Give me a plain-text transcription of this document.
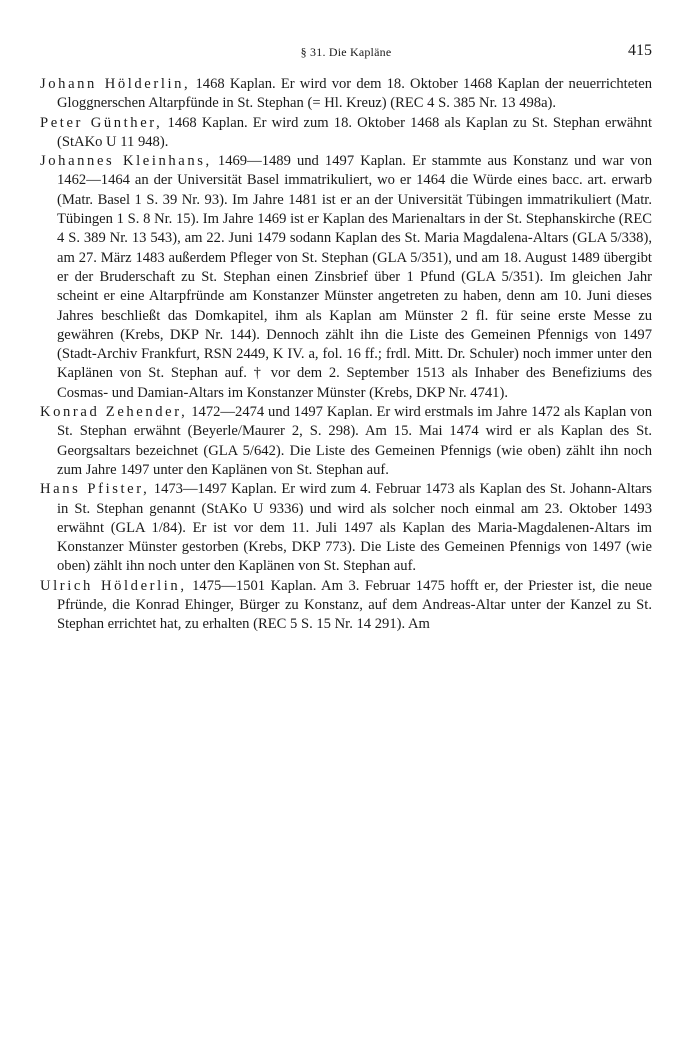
§ 31. Die Kapläne	415

Johann Hölderlin, 1468 Kaplan. Er wird vor dem 18. Oktober 1468 Kaplan der neuerrichteten Gloggnerschen Altarpfünde in St. Stephan (= Hl. Kreuz) (REC 4 S. 385 Nr. 13 498a).

Peter Günther, 1468 Kaplan. Er wird zum 18. Oktober 1468 als Kaplan zu St. Stephan erwähnt (StAKo U 11 948).

Johannes Kleinhans, 1469—1489 und 1497 Kaplan. Er stammte aus Konstanz und war von 1462—1464 an der Universität Basel immatrikuliert, wo er 1464 die Würde eines bacc. art. erwarb (Matr. Basel 1 S. 39 Nr. 93). Im Jahre 1481 ist er an der Universität Tübingen immatrikuliert (Matr. Tübingen 1 S. 8 Nr. 15). Im Jahre 1469 ist er Kaplan des Marienaltars in der St. Stephanskirche (REC 4 S. 389 Nr. 13 543), am 22. Juni 1479 sodann Kaplan des St. Maria Magdalena-Altars (GLA 5/338), am 27. März 1483 außerdem Pfleger von St. Stephan (GLA 5/351), und am 18. August 1489 übergibt er der Bruderschaft zu St. Stephan einen Zinsbrief über 1 Pfund (GLA 5/351). Im gleichen Jahr scheint er eine Altarpfründe am Konstanzer Münster angetreten zu haben, denn am 10. Juni dieses Jahres beschließt das Domkapitel, ihm als Kaplan am Münster 2 fl. für seine erste Messe zu gewähren (Krebs, DKP Nr. 144). Dennoch zählt ihn die Liste des Gemeinen Pfennigs von 1497 (Stadt-Archiv Frankfurt, RSN 2449, K IV. a, fol. 16 ff.; frdl. Mitt. Dr. Schuler) noch immer unter den Kaplänen von St. Stephan auf. † vor dem 2. September 1513 als Inhaber des Benefiziums des Cosmas- und Damian-Altars im Konstanzer Münster (Krebs, DKP Nr. 4741).

Konrad Zehender, 1472—2474 und 1497 Kaplan. Er wird erstmals im Jahre 1472 als Kaplan von St. Stephan erwähnt (Beyerle/Maurer 2, S. 298). Am 15. Mai 1474 wird er als Kaplan des St. Georgsaltars bezeichnet (GLA 5/642). Die Liste des Gemeinen Pfennigs (wie oben) zählt ihn noch zum Jahre 1497 unter den Kaplänen von St. Stephan auf.

Hans Pfister, 1473—1497 Kaplan. Er wird zum 4. Februar 1473 als Kaplan des St. Johann-Altars in St. Stephan genannt (StAKo U 9336) und wird als solcher noch einmal am 23. Oktober 1493 erwähnt (GLA 1/84). Er ist vor dem 11. Juli 1497 als Kaplan des Maria-Magdalenen-Altars im Konstanzer Münster gestorben (Krebs, DKP 773). Die Liste des Gemeinen Pfennigs von 1497 (wie oben) zählt ihn noch unter den Kaplänen von St. Stephan auf.

Ulrich Hölderlin, 1475—1501 Kaplan. Am 3. Februar 1475 hofft er, der Priester ist, die neue Pfründe, die Konrad Ehinger, Bürger zu Konstanz, auf dem Andreas-Altar unter der Kanzel zu St. Stephan errichtet hat, zu erhalten (REC 5 S. 15 Nr. 14 291). Am
